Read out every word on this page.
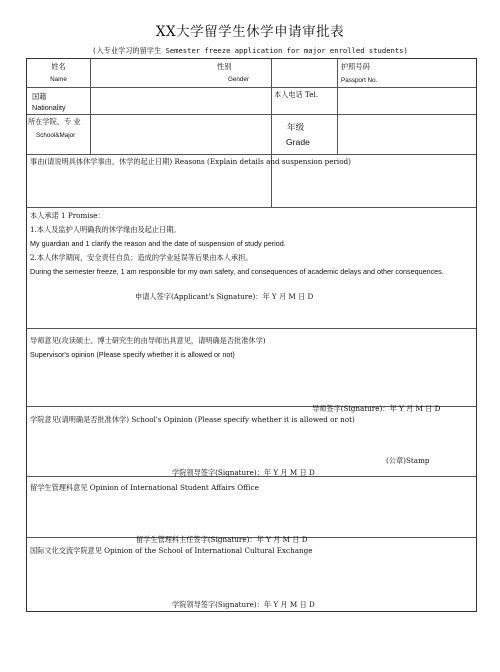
XX大学留学生休学申请审批表
(入专业学习的留学生 Semester freeze application for major enrolled students)
姓名
Name
性别
Gender
护照号码
Passport No.
国籍
Nationality
本人电话 Tel.
所在学院、专 业
School&Major
年级
Grade
事由(请说明具体休学事由，休学的起止日期) Reasons (Explain details and suspension period)
本人承诺 1 Promise：
1.本人及监护人明确我的休学缘由及起止日期。
My guardian and 1 clarify the reason and the date of suspension of study period.
2.本人休学期间，安全责任自负；造成的学业延误等后果由本人承担。
During the semester freeze, 1 am responsible for my own safety, and consequences of academic delays and other consequences.
申请人签字(Applicant's Signature)：年 Y 月 M 日 D
导师意见(攻读硕士、博士研究生的由导师出具意见，请明确是否批准休学)
Supervisor's opinion (Please specify whether it is allowed or not)
导师签字(Signature)：年 Y 月 M 日 D
学院意见(请明确是否批准休学) School's Opinion (Please specify whether it is allowed or not)
(公章)Stamp
学院领导签字(Signature)：年 Y 月 M 日 D
留学生管理科意见 Opinion of International Student Affairs Office
留学生管理科主任签字(Signature)：年 Y 月 M 日 D
国际文化交流学院意见 Opinion of the School of International Cultural Exchange
学院领导签字(Signature)：年 Y 月 M 日 D
